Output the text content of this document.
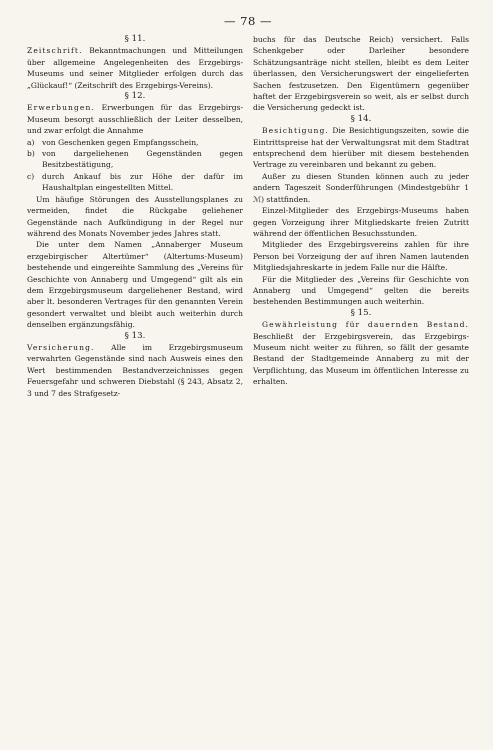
— 78 —

§ 11.

Zeitschrift. Bekanntmachungen und Mitteilungen über allgemeine Angelegenheiten des Erzgebirgs-Museums und seiner Mitglieder erfolgen durch das „Glückauf!“ (Zeitschrift des Erzgebirgs-Vereins).

§ 12.

Erwerbungen. Erwerbungen für das Erzgebirgs-Museum besorgt ausschließlich der Leiter desselben, und zwar erfolgt die Annahme

a) von Geschenken gegen Empfangsschein,
b) von dargeliehenen Gegenständen gegen Besitzbestätigung,
c) durch Ankauf bis zur Höhe der dafür im Haushaltplan eingestellten Mittel.

Um häufige Störungen des Ausstellungsplanes zu vermeiden, findet die Rückgabe geliehener Gegenstände nach Aufkündigung in der Regel nur während des Monats November jedes Jahres statt.

Die unter dem Namen „Annaberger Museum erzgebirgischer Altertümer“ (Altertums-Museum) bestehende und eingereihte Sammlung des „Vereins für Geschichte von Annaberg und Umgegend“ gilt als ein dem Erzgebirgsmuseum dargeliehener Bestand, wird aber lt. besonderen Vertrages für den genannten Verein gesondert verwaltet und bleibt auch weiterhin durch denselben ergänzungsfähig.

§ 13.

Versicherung. Alle im Erzgebirgsmuseum verwahrten Gegenstände sind nach Ausweis eines den Wert bestimmenden Bestandverzeichnisses gegen Feuersgefahr und schweren Diebstahl (§ 243, Absatz 2, 3 und 7 des Strafgesetz-

buchs für das Deutsche Reich) versichert. Falls Schenkgeber oder Darleiher besondere Schätzungsanträge nicht stellen, bleibt es dem Leiter überlassen, den Versicherungswert der eingelieferten Sachen festzusetzen. Den Eigentümern gegenüber haftet der Erzgebirgsverein so weit, als er selbst durch die Versicherung gedeckt ist.

§ 14.

Besichtigung. Die Besichtigungszeiten, sowie die Eintrittspreise hat der Verwaltungsrat mit dem Stadtrat entsprechend dem hierüber mit diesem bestehenden Vertrage zu vereinbaren und bekannt zu geben.

Außer zu diesen Stunden können auch zu jeder andern Tageszeit Sonderführungen (Mindestgebühr 1 ℳ) stattfinden.

Einzel-Mitglieder des Erzgebirgs-Museums haben gegen Vorzeigung ihrer Mitgliedskarte freien Zutritt während der öffentlichen Besuchsstunden.

Mitglieder des Erzgebirgsvereins zahlen für ihre Person bei Vorzeigung der auf ihren Namen lautenden Mitgliedsjahreskarte in jedem Falle nur die Hälfte.

Für die Mitglieder des „Vereins für Geschichte von Annaberg und Umgegend“ gelten die bereits bestehenden Bestimmungen auch weiterhin.

§ 15.

Gewährleistung für dauernden Bestand. Beschließt der Erzgebirgsverein, das Erzgebirgs-Museum nicht weiter zu führen, so fällt der gesamte Bestand der Stadtgemeinde Annaberg zu mit der Verpflichtung, das Museum im öffentlichen Interesse zu erhalten.
